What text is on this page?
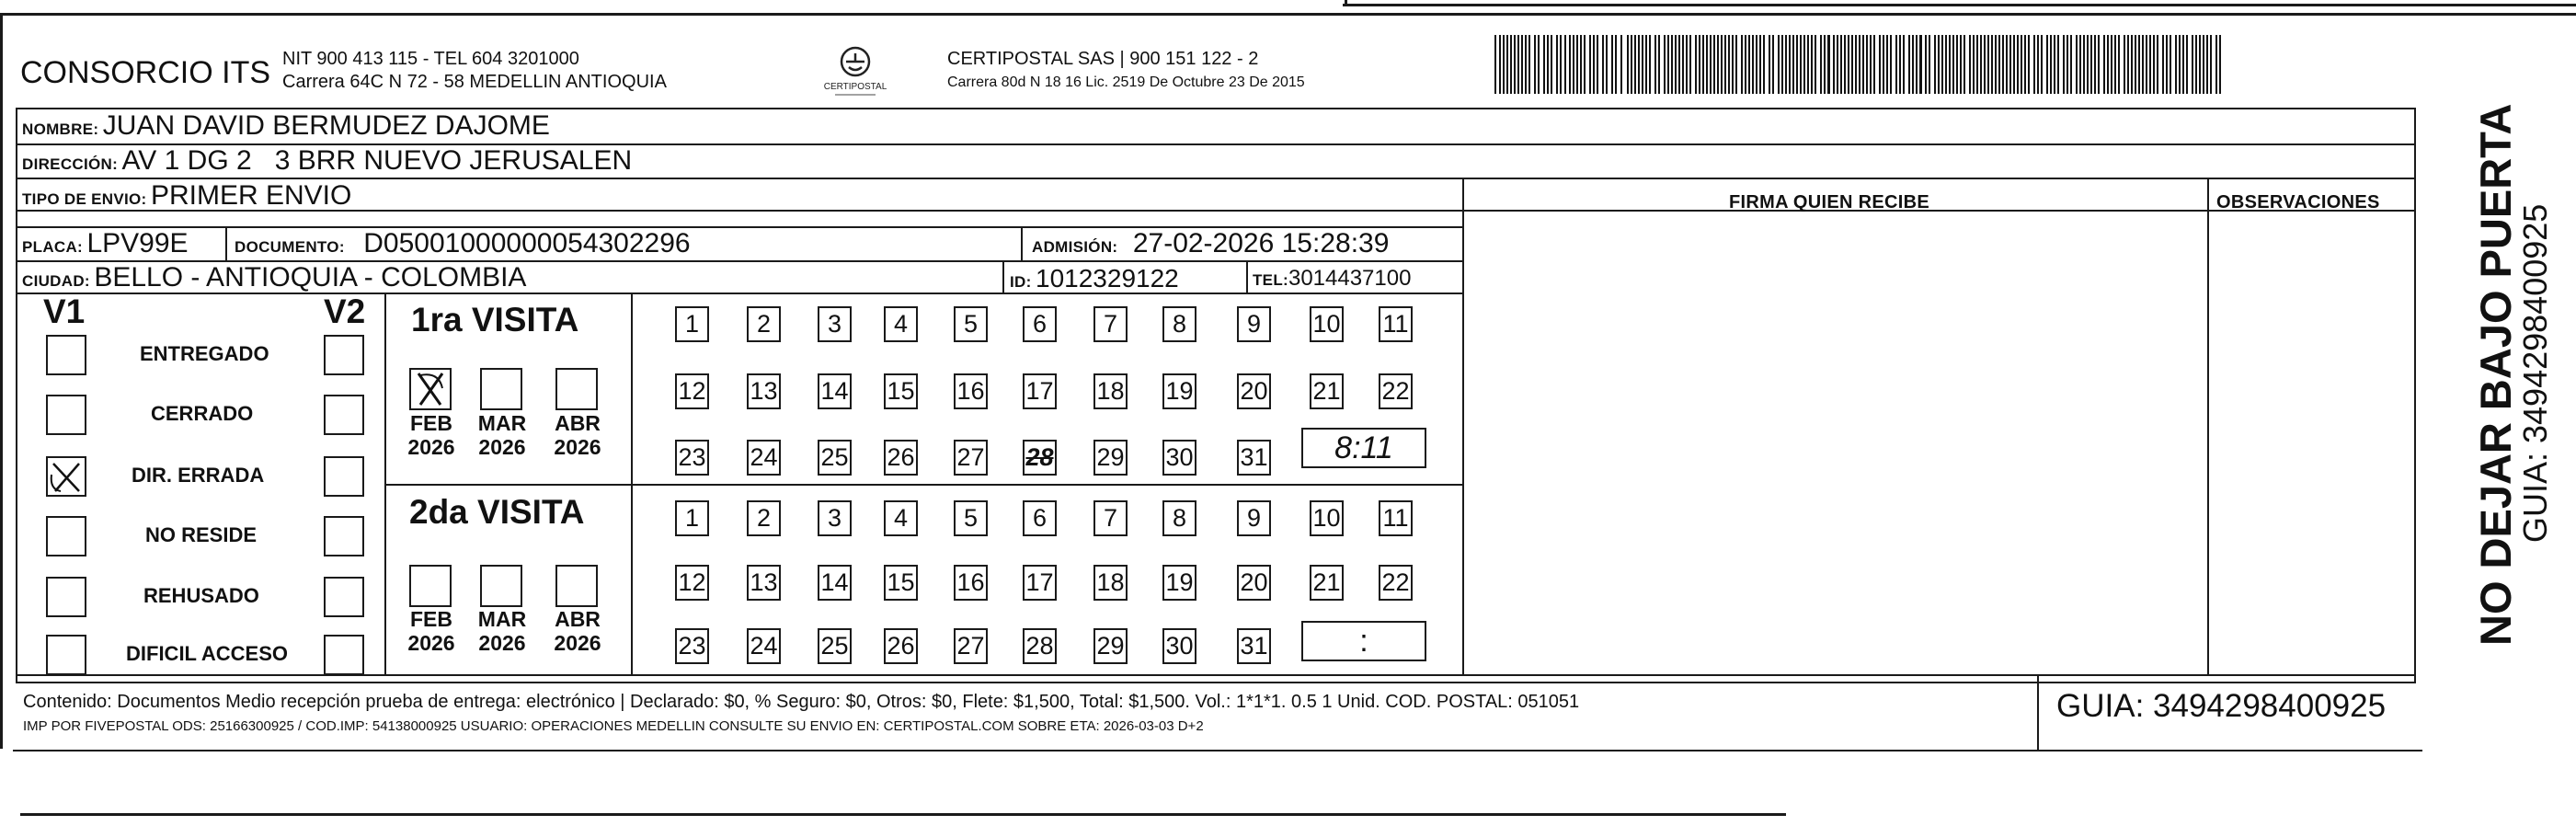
CONSORCIO ITS NIT 900 413 115 - TEL 604 3201000
Carrera 64C N 72 - 58 MEDELLIN ANTIOQUIA	CERTIPOSTAL
CERTIPOSTAL SAS | 900 151 122 - 2
Carrera 80d N 18 16 Lic. 2519 De Octubre 23 De 2015
NOMBRE: JUAN DAVID BERMUDEZ DAJOME
DIRECCIÓN: AV 1 DG 2   3 BRR NUEVO JERUSALEN
TIPO DE ENVIO: PRIMER ENVIO
PLACA: LPV99E	DOCUMENTO: D05001000000054302296	ADMISIÓN: 27-02-2026 15:28:39
CIUDAD: BELLO - ANTIOQUIA - COLOMBIA	ID: 1012329122	TEL:3014437100
FIRMA QUIEN RECIBE	OBSERVACIONES
V1	V2
ENTREGADO
CERRADO
DIR. ERRADA
NO RESIDE
REHUSADO
DIFICIL ACCESO
1ra VISITA
2da VISITA
FEB
2026
MAR
2026
ABR
2026
FEB
2026
MAR
2026
ABR
2026
1	2	3	4	5	6	7	8	9	10 11
12 13 14 15 16 17 18 19 20 21 22
23 24 25 26 27 28 29 30 31
1	2	3	4	5	6	7	8	9	10 11
12 13 14 15 16 17 18 19 20 21 22
23 24 25 26 27 28 29 30 31
8:11
:
Contenido: Documentos Medio recepción prueba de entrega: electrónico | Declarado: $0, % Seguro: $0, Otros: $0, Flete: $1,500, Total: $1,500. Vol.: 1*1*1. 0.5 1 Unid. COD. POSTAL: 051051
IMP POR FIVEPOSTAL ODS: 25166300925 / COD.IMP: 54138000925 USUARIO: OPERACIONES MEDELLIN CONSULTE SU ENVIO EN: CERTIPOSTAL.COM SOBRE ETA: 2026-03-03 D+2
GUIA: 3494298400925
NO DEJAR BAJO PUERTA
GUIA: 3494298400925
